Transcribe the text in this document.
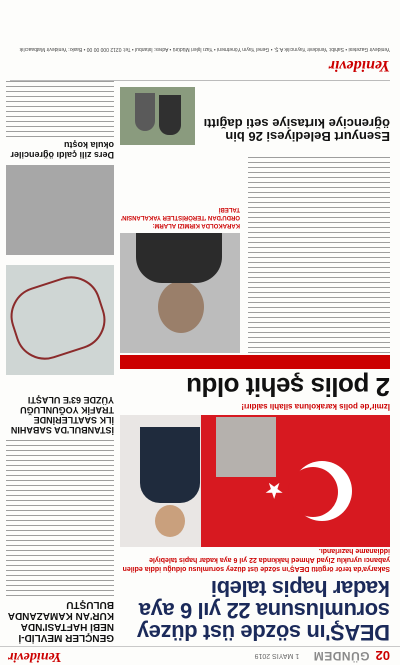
02
GÜNDEM
1 MAYIS 2019
Yenidevir
DEAŞ'ın sözde üst düzey sorumlusuna 22 yıl 6 aya kadar hapis talebi
Sakarya'da terör örgütü DEAŞ'ın sözde üst düzey sorumlusu olduğu iddia edilen yabancı uyruklu Ziyad Ahmed hakkında 22 yıl 6 aya kadar hapis talebiyle iddianame hazırlandı.
GENÇLER MEVLİD-İ NEBİ HAFTASI'NDA KUR'AN KAMAZANDA BULUŞTU
★
İzmir'de polis karakoluna silahlı saldırı!
2 polis şehit oldu
İSTANBUL'DA SABAHIN İLK SAATLERİNDE TRAFİK YOĞUNLUĞU YÜZDE 63'E ULAŞTI
KARAKOLDA KIRMIZI ALARM: ORDU'DAN 'TERÖRİSTLER YAKALANSIN' TALEBİ
Ders zili çaldı öğrenciler okula koştu
Esenyurt Belediyesi 26 bin öğrenciye kırtasiye seti dağıttı
Yenidevir
Yenidevir Gazetesi • Sahibi: Yenidevir Yayıncılık A.Ş. • Genel Yayın Yönetmeni • Yazı İşleri Müdürü • Adres: İstanbul • Tel: 0212 000 00 00 • Baskı: Yenidevir Matbaacılık
